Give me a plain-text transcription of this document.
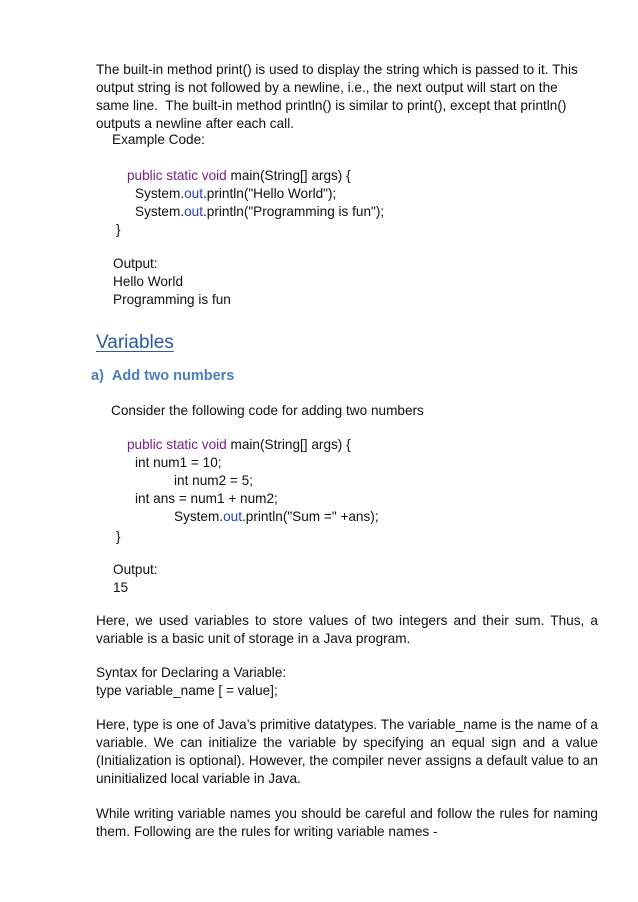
The built-in method print() is used to display the string which is passed to it. This

output string is not followed by a newline, i.e., the next output will start on the

same line.  The built-in method println() is similar to print(), except that println()

outputs a newline after each call.

Example Code:

public static void main(String[] args) {

System.out.println("Hello World");

System.out.println("Programming is fun");

}

Output:

Hello World

Programming is fun

Variables

a) Add two numbers

Consider the following code for adding two numbers

public static void main(String[] args) {

int num1 = 10;

int num2 = 5;

int ans = num1 + num2;

System.out.println("Sum =" +ans);

}

Output:

15

Here, we used variables to store values of two integers and their sum. Thus, a variable is a basic unit of storage in a Java program.

Syntax for Declaring a Variable:

type variable_name [ = value];

Here, type is one of Java’s primitive datatypes. The variable_name is the name of a variable. We can initialize the variable by specifying an equal sign and a value (Initialization is optional). However, the compiler never assigns a default value to an uninitialized local variable in Java.

While writing variable names you should be careful and follow the rules for naming them. Following are the rules for writing variable names -
